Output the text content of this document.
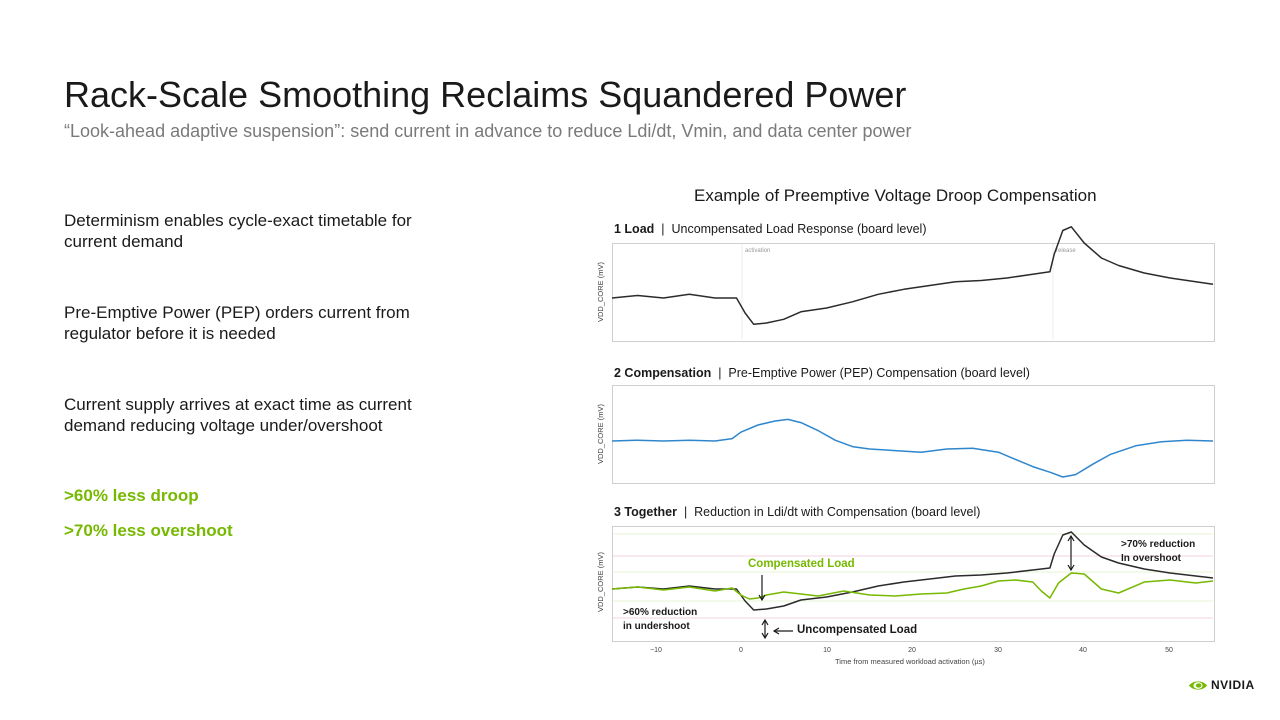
Rack-Scale Smoothing Reclaims Squandered Power
“Look-ahead adaptive suspension”: send current in advance to reduce Ldi/dt, Vmin, and data center power
Determinism enables cycle-exact timetable for current demand
Pre-Emptive Power (PEP) orders current from regulator before it is needed
Current supply arrives at exact time as current demand reducing voltage under/overshoot
>60% less droop
>70% less overshoot
Example of Preemptive Voltage Droop Compensation
1 Load  |  Uncompensated Load Response (board level)
VDD_CORE (mV)
activation	release
2 Compensation  |  Pre-Emptive Power (PEP) Compensation (board level)
VDD_CORE (mV)
3 Together  |  Reduction in Ldi/dt with Compensation (board level)
VDD_CORE (mV)	Compensated Load
Uncompensated Load
>60% reduction
in undershoot
>70% reduction
In overshoot
−10	0	10	20	30	40	50
Time from measured workload activation (µs)
NVIDIA
